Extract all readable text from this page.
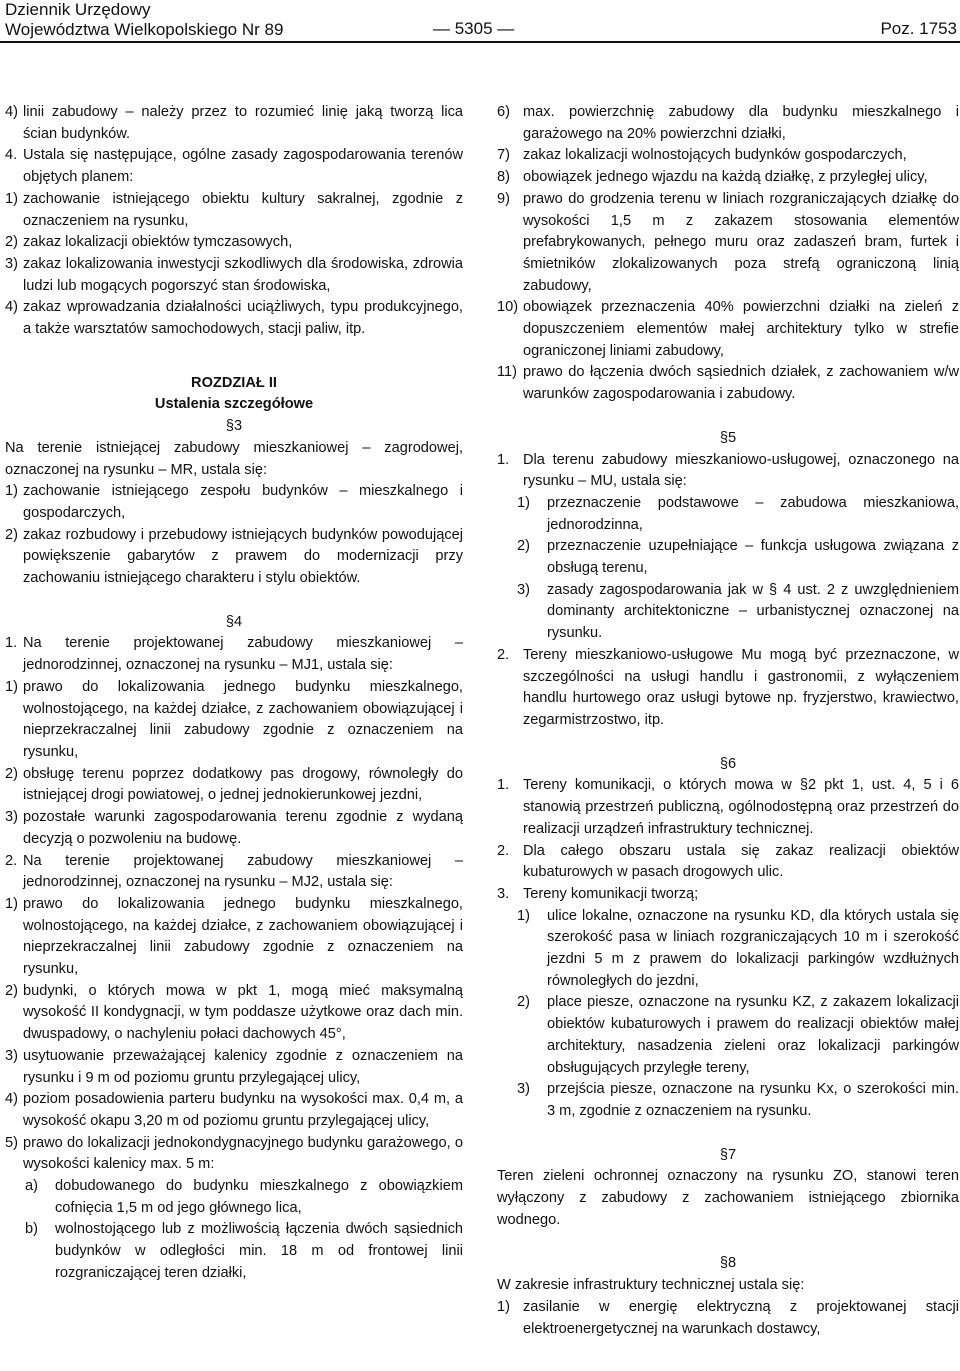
Dziennik Urzędowy
Województwa Wielkopolskiego Nr 89	— 5305 —	Poz. 1753
4) linii zabudowy – należy przez to rozumieć linię jaką tworzą lica ścian budynków.
4. Ustala się następujące, ogólne zasady zagospodarowania terenów objętych planem:
1) zachowanie istniejącego obiektu kultury sakralnej, zgodnie z oznaczeniem na rysunku,
2) zakaz lokalizacji obiektów tymczasowych,
3) zakaz lokalizowania inwestycji szkodliwych dla środowiska, zdrowia ludzi lub mogących pogorszyć stan środowiska,
4) zakaz wprowadzania działalności uciążliwych, typu produkcyjnego, a także warsztatów samochodowych, stacji paliw, itp.
ROZDZIAŁ II
Ustalenia szczegółowe
§3
Na terenie istniejącej zabudowy mieszkaniowej – zagrodowej, oznaczonej na rysunku – MR, ustala się:
1) zachowanie istniejącego zespołu budynków – mieszkalnego i gospodarczych,
2) zakaz rozbudowy i przebudowy istniejących budynków powodującej powiększenie gabarytów z prawem do modernizacji przy zachowaniu istniejącego charakteru i stylu obiektów.
§4
1. Na terenie projektowanej zabudowy mieszkaniowej – jednorodzinnej, oznaczonej na rysunku – MJ1, ustala się:
1) prawo do lokalizowania jednego budynku mieszkalnego, wolnostojącego, na każdej działce, z zachowaniem obowiązującej i nieprzekraczalnej linii zabudowy zgodnie z oznaczeniem na rysunku,
2) obsługę terenu poprzez dodatkowy pas drogowy, równoległy do istniejącej drogi powiatowej, o jednej jednokierunkowej jezdni,
3) pozostałe warunki zagospodarowania terenu zgodnie z wydaną decyzją o pozwoleniu na budowę.
2. Na terenie projektowanej zabudowy mieszkaniowej – jednorodzinnej, oznaczonej na rysunku – MJ2, ustala się:
1) prawo do lokalizowania jednego budynku mieszkalnego, wolnostojącego, na każdej działce, z zachowaniem obowiązującej i nieprzekraczalnej linii zabudowy zgodnie z oznaczeniem na rysunku,
2) budynki, o których mowa w pkt 1, mogą mieć maksymalną wysokość II kondygnacji, w tym poddasze użytkowe oraz dach min. dwuspadowy, o nachyleniu połaci dachowych 45°,
3) usytuowanie przeważającej kalenicy zgodnie z oznaczeniem na rysunku i 9 m od poziomu gruntu przylegającej ulicy,
4) poziom posadowienia parteru budynku na wysokości max. 0,4 m, a wysokość okapu 3,20 m od poziomu gruntu przylegającej ulicy,
5) prawo do lokalizacji jednokondygnacyjnego budynku garażowego, o wysokości kalenicy max. 5 m:
a) dobudowanego do budynku mieszkalnego z obowiązkiem cofnięcia 1,5 m od jego głównego lica,
b) wolnostojącego lub z możliwością łączenia dwóch sąsiednich budynków w odległości min. 18 m od frontowej linii rozgraniczającej teren działki,
6) max. powierzchnię zabudowy dla budynku mieszkalnego i garażowego na 20% powierzchni działki,
7) zakaz lokalizacji wolnostojących budynków gospodarczych,
8) obowiązek jednego wjazdu na każdą działkę, z przyległej ulicy,
9) prawo do grodzenia terenu w liniach rozgraniczających działkę do wysokości 1,5 m z zakazem stosowania elementów prefabrykowanych, pełnego muru oraz zadaszeń bram, furtek i śmietników zlokalizowanych poza strefą ograniczoną linią zabudowy,
10) obowiązek przeznaczenia 40% powierzchni działki na zieleń z dopuszczeniem elementów małej architektury tylko w strefie ograniczonej liniami zabudowy,
11) prawo do łączenia dwóch sąsiednich działek, z zachowaniem w/w warunków zagospodarowania i zabudowy.
§5
1. Dla terenu zabudowy mieszkaniowo-usługowej, oznaczonego na rysunku – MU, ustala się:
1) przeznaczenie podstawowe – zabudowa mieszkaniowa, jednorodzinna,
2) przeznaczenie uzupełniające – funkcja usługowa związana z obsługą terenu,
3) zasady zagospodarowania jak w § 4 ust. 2 z uwzględnieniem dominanty architektoniczne – urbanistycznej oznaczonej na rysunku.
2. Tereny mieszkaniowo-usługowe Mu mogą być przeznaczone, w szczególności na usługi handlu i gastronomii, z wyłączeniem handlu hurtowego oraz usługi bytowe np. fryzjerstwo, krawiectwo, zegarmistrzostwo, itp.
§6
1. Tereny komunikacji, o których mowa w §2 pkt 1, ust. 4, 5 i 6 stanowią przestrzeń publiczną, ogólnodostępną oraz przestrzeń do realizacji urządzeń infrastruktury technicznej.
2. Dla całego obszaru ustala się zakaz realizacji obiektów kubaturowych w pasach drogowych ulic.
3. Tereny komunikacji tworzą;
1) ulice lokalne, oznaczone na rysunku KD, dla których ustala się szerokość pasa w liniach rozgraniczających 10 m i szerokość jezdni 5 m z prawem do lokalizacji parkingów wzdłużnych równoległych do jezdni,
2) place piesze, oznaczone na rysunku KZ, z zakazem lokalizacji obiektów kubaturowych i prawem do realizacji obiektów małej architektury, nasadzenia zieleni oraz lokalizacji parkingów obsługujących przyległe tereny,
3) przejścia piesze, oznaczone na rysunku Kx, o szerokości min. 3 m, zgodnie z oznaczeniem na rysunku.
§7
Teren zieleni ochronnej oznaczony na rysunku ZO, stanowi teren wyłączony z zabudowy z zachowaniem istniejącego zbiornika wodnego.
§8
W zakresie infrastruktury technicznej ustala się:
1) zasilanie w energię elektryczną z projektowanej stacji elektroenergetycznej na warunkach dostawcy,
